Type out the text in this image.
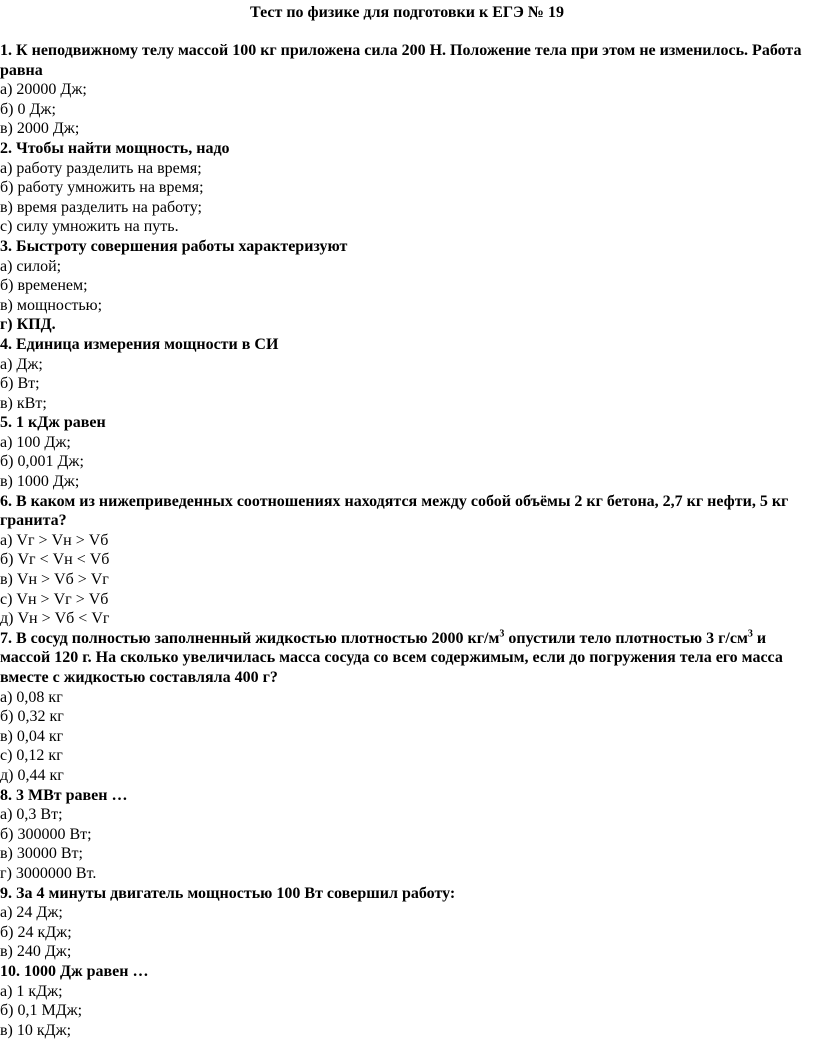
Тест по физике для подготовки к ЕГЭ № 19
1. К неподвижному телу массой 100 кг приложена сила 200 Н. Положение тела при этом не изменилось. Работа равна
а) 20000 Дж;
б) 0 Дж;
в) 2000 Дж;
2. Чтобы найти мощность, надо
а) работу разделить на время;
б) работу умножить на время;
в) время разделить на работу;
с) силу умножить на путь.
3. Быстроту совершения работы характеризуют
а) силой;
б) временем;
в) мощностью;
г) КПД.
4. Единица измерения мощности в СИ
а) Дж;
б) Вт;
в) кВт;
5. 1 кДж равен
а) 100 Дж;
б) 0,001 Дж;
в) 1000 Дж;
6. В каком из нижеприведенных соотношениях находятся между собой объёмы 2 кг бетона, 2,7 кг нефти, 5 кг гранита?
а) Vг > Vн > Vб
б) Vг < Vн < Vб
в) Vн > Vб > Vг
с) Vн > Vг > Vб
д) Vн > Vб < Vг
7. В сосуд полностью заполненный жидкостью плотностью 2000 $кг/м^3$ опустили тело плотностью 3 $г/см^3$ и массой 120 г. На сколько увеличилась масса сосуда со всем содержимым, если до погружения тела его масса вместе с жидкостью составляла 400 г?
а) 0,08 кг
б) 0,32 кг
в) 0,04 кг
с) 0,12 кг
д) 0,44 кг
8. 3 МВт равен …
а) 0,3 Вт;
б) 300000 Вт;
в) 30000 Вт;
г) 3000000 Вт.
9. За 4 минуты двигатель мощностью 100 Вт совершил работу:
а) 24 Дж;
б) 24 кДж;
в) 240 Дж;
10. 1000 Дж равен …
а) 1 кДж;
б) 0,1 МДж;
в) 10 кДж;
